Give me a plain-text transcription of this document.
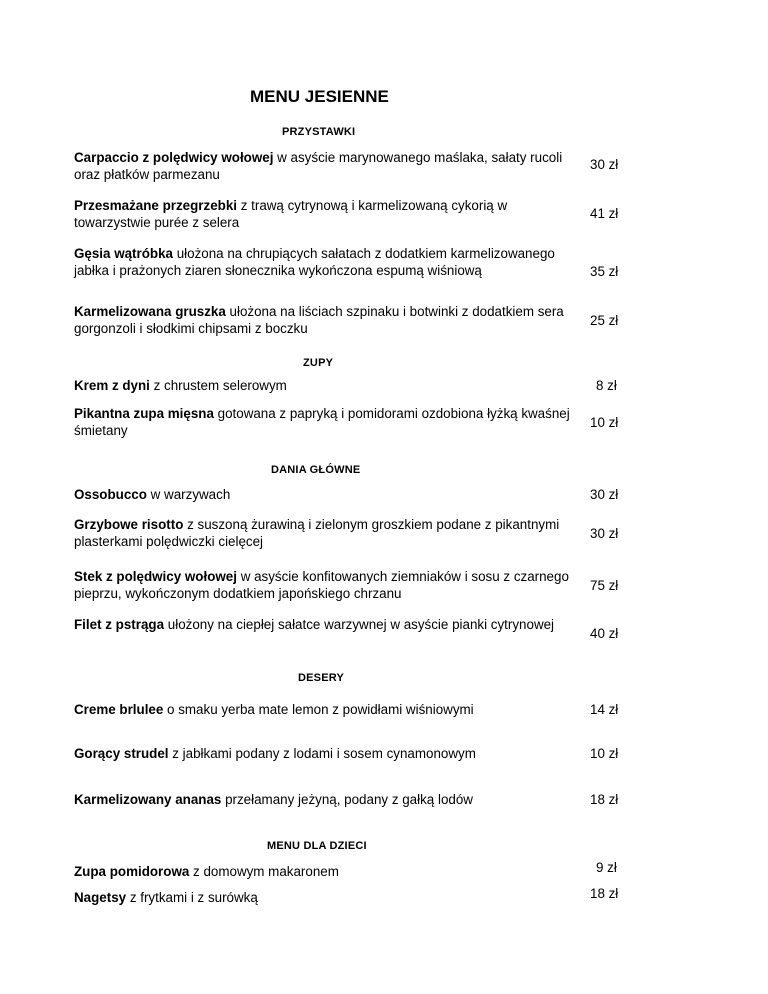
MENU JESIENNE
PRZYSTAWKI
Carpaccio z polędwicy wołowej w asyście marynowanego maślaka, sałaty rucoli oraz płatków parmezanu
30 zł
Przesmażane przegrzebki z trawą cytrynową i karmelizowaną cykorią w towarzystwie purée z selera
41 zł
Gęsia wątróbka ułożona na chrupiących sałatach z dodatkiem karmelizowanego jabłka i prażonych ziaren słonecznika wykończona espumą wiśniową	35 zł
Karmelizowana gruszka ułożona na liściach szpinaku i botwinki z dodatkiem sera gorgonzoli i słodkimi chipsami z boczku
25 zł
ZUPY
Krem z dyni z chrustem selerowym	8 zł
Pikantna zupa mięsna gotowana z papryką i pomidorami ozdobiona łyżką kwaśnej śmietany
10 zł
DANIA GŁÓWNE
Ossobucco w warzywach	30 zł
Grzybowe risotto z suszoną żurawiną i zielonym groszkiem podane z pikantnymi plasterkami polędwiczki cielęcej
30 zł
Stek z polędwicy wołowej w asyście konfitowanych ziemniaków i sosu z czarnego pieprzu, wykończonym dodatkiem japońskiego chrzanu
75 zł
Filet z pstrąga ułożony na ciepłej sałatce warzywnej w asyście pianki cytrynowej
40 zł
DESERY
Creme brlulee o smaku yerba mate lemon z powidłami wiśniowymi	14 zł
Gorący strudel z jabłkami podany z lodami i sosem cynamonowym	10 zł
Karmelizowany ananas przełamany jeżyną, podany z gałką lodów	18 zł
MENU DLA DZIECI
Zupa pomidorowa z domowym makaronem	9 zł
Nagetsy z frytkami i z surówką	18 zł
